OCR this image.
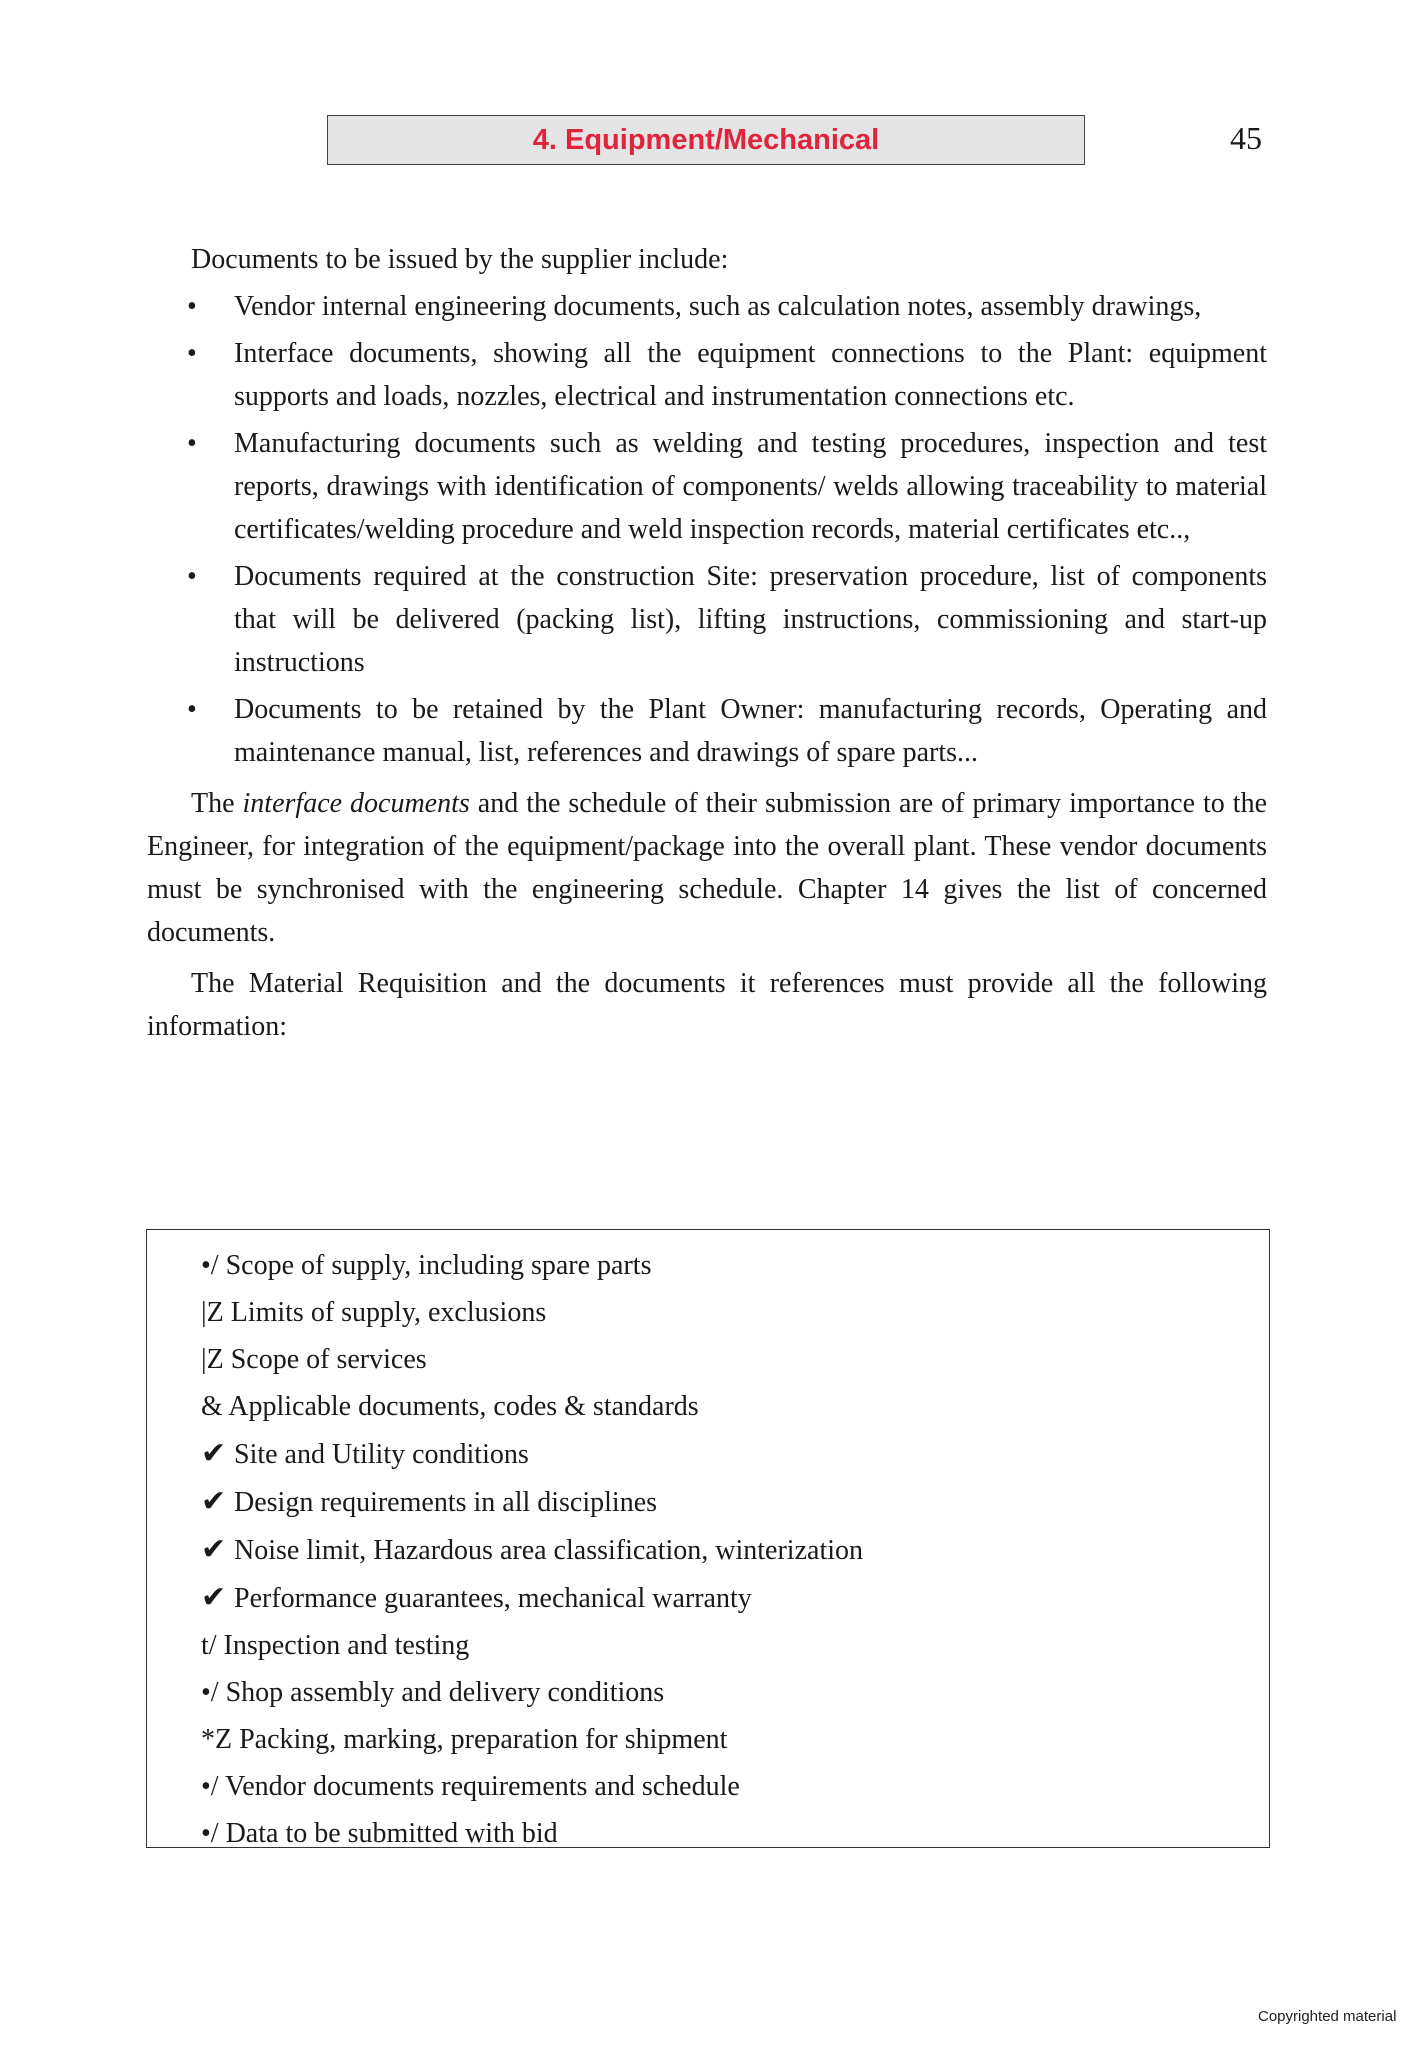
4. Equipment/Mechanical	45
Documents to be issued by the supplier include:
• Vendor internal engineering documents, such as calculation notes, assembly drawings,
• Interface documents, showing all the equipment connections to the Plant: equipment supports and loads, nozzles, electrical and instrumentation connections etc.
• Manufacturing documents such as welding and testing procedures, inspection and test reports, drawings with identification of components/ welds allowing traceability to material certificates/welding procedure and weld inspection records, material certificates etc..,
• Documents required at the construction Site: preservation procedure, list of components that will be delivered (packing list), lifting instructions, commissioning and start-up instructions
• Documents to be retained by the Plant Owner: manufacturing records, Operating and maintenance manual, list, references and drawings of spare parts...

The interface documents and the schedule of their submission are of primary importance to the Engineer, for integration of the equipment/package into the overall plant. These vendor documents must be synchronised with the engineering schedule. Chapter 14 gives the list of concerned documents.

The Material Requisition and the documents it references must provide all the following information:

•/ Scope of supply, including spare parts
|Z Limits of supply, exclusions
|Z Scope of services
& Applicable documents, codes & standards
✔ Site and Utility conditions
✔ Design requirements in all disciplines
✔ Noise limit, Hazardous area classification, winterization
✔ Performance guarantees, mechanical warranty
t/ Inspection and testing
•/ Shop assembly and delivery conditions
*Z Packing, marking, preparation for shipment
•/ Vendor documents requirements and schedule
•/ Data to be submitted with bid
Copyrighted material
